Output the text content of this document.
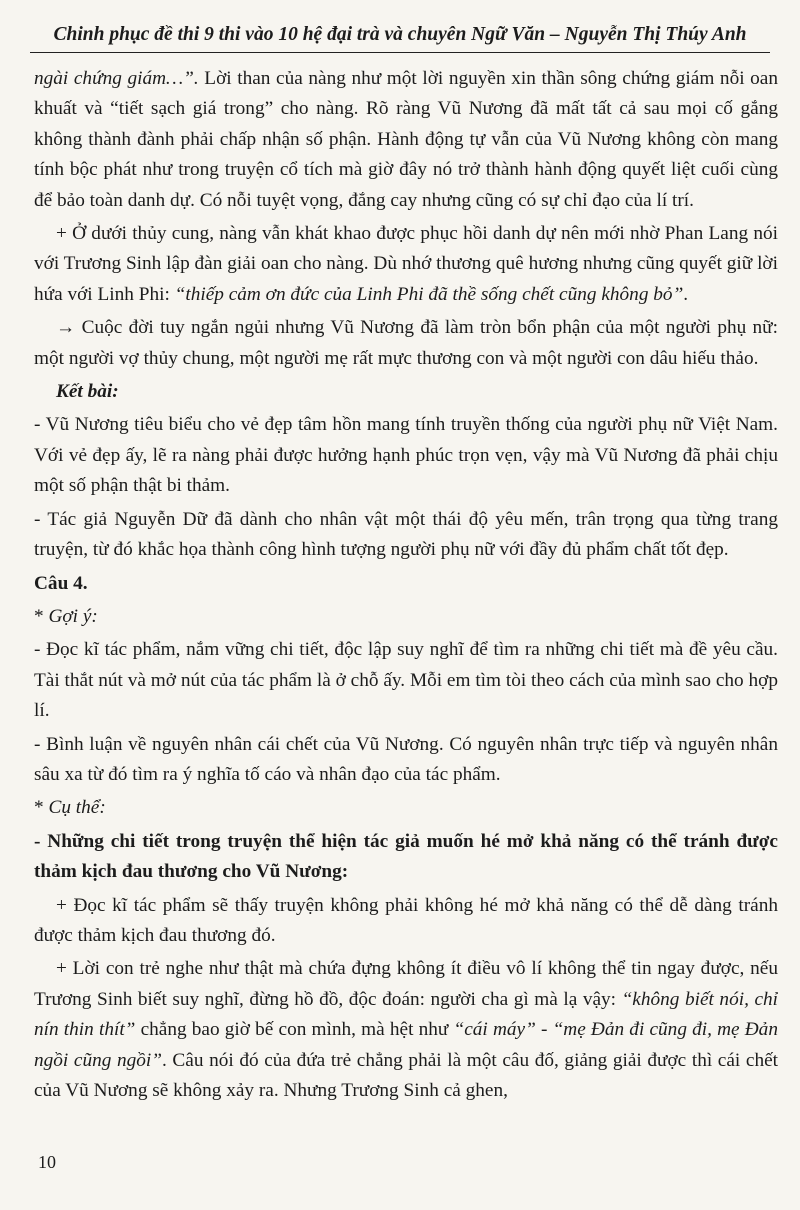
Chinh phục đề thi 9 thi vào 10 hệ đại trà và chuyên Ngữ Văn – Nguyễn Thị Thúy Anh

ngài chứng giám…”. Lời than của nàng như một lời nguyền xin thần sông chứng giám nỗi oan khuất và “tiết sạch giá trong” cho nàng. Rõ ràng Vũ Nương đã mất tất cả sau mọi cố gắng không thành đành phải chấp nhận số phận. Hành động tự vẫn của Vũ Nương không còn mang tính bộc phát như trong truyện cổ tích mà giờ đây nó trở thành hành động quyết liệt cuối cùng để bảo toàn danh dự. Có nỗi tuyệt vọng, đắng cay nhưng cũng có sự chỉ đạo của lí trí.

+ Ở dưới thủy cung, nàng vẫn khát khao được phục hồi danh dự nên mới nhờ Phan Lang nói với Trương Sinh lập đàn giải oan cho nàng. Dù nhớ thương quê hương nhưng cũng quyết giữ lời hứa với Linh Phi: “thiếp cảm ơn đức của Linh Phi đã thề sống chết cũng không bỏ”.

→ Cuộc đời tuy ngắn ngủi nhưng Vũ Nương đã làm tròn bổn phận của một người phụ nữ: một người vợ thủy chung, một người mẹ rất mực thương con và một người con dâu hiếu thảo.

Kết bài:

- Vũ Nương tiêu biểu cho vẻ đẹp tâm hồn mang tính truyền thống của người phụ nữ Việt Nam. Với vẻ đẹp ấy, lẽ ra nàng phải được hưởng hạnh phúc trọn vẹn, vậy mà Vũ Nương đã phải chịu một số phận thật bi thảm.

- Tác giả Nguyễn Dữ đã dành cho nhân vật một thái độ yêu mến, trân trọng qua từng trang truyện, từ đó khắc họa thành công hình tượng người phụ nữ với đầy đủ phẩm chất tốt đẹp.

Câu 4.

* Gợi ý:

- Đọc kĩ tác phẩm, nắm vững chi tiết, độc lập suy nghĩ để tìm ra những chi tiết mà đề yêu cầu. Tài thắt nút và mở nút của tác phẩm là ở chỗ ấy. Mỗi em tìm tòi theo cách của mình sao cho hợp lí.

- Bình luận về nguyên nhân cái chết của Vũ Nương. Có nguyên nhân trực tiếp và nguyên nhân sâu xa từ đó tìm ra ý nghĩa tố cáo và nhân đạo của tác phẩm.

* Cụ thể:

- Những chi tiết trong truyện thể hiện tác giả muốn hé mở khả năng có thể tránh được thảm kịch đau thương cho Vũ Nương:

+ Đọc kĩ tác phẩm sẽ thấy truyện không phải không hé mở khả năng có thể dễ dàng tránh được thảm kịch đau thương đó.

+ Lời con trẻ nghe như thật mà chứa đựng không ít điều vô lí không thể tin ngay được, nếu Trương Sinh biết suy nghĩ, đừng hồ đồ, độc đoán: người cha gì mà lạ vậy: “không biết nói, chỉ nín thin thít” chẳng bao giờ bế con mình, mà hệt như “cái máy” - “mẹ Đản đi cũng đi, mẹ Đản ngồi cũng ngồi”. Câu nói đó của đứa trẻ chẳng phải là một câu đố, giảng giải được thì cái chết của Vũ Nương sẽ không xảy ra. Nhưng Trương Sinh cả ghen,

10
